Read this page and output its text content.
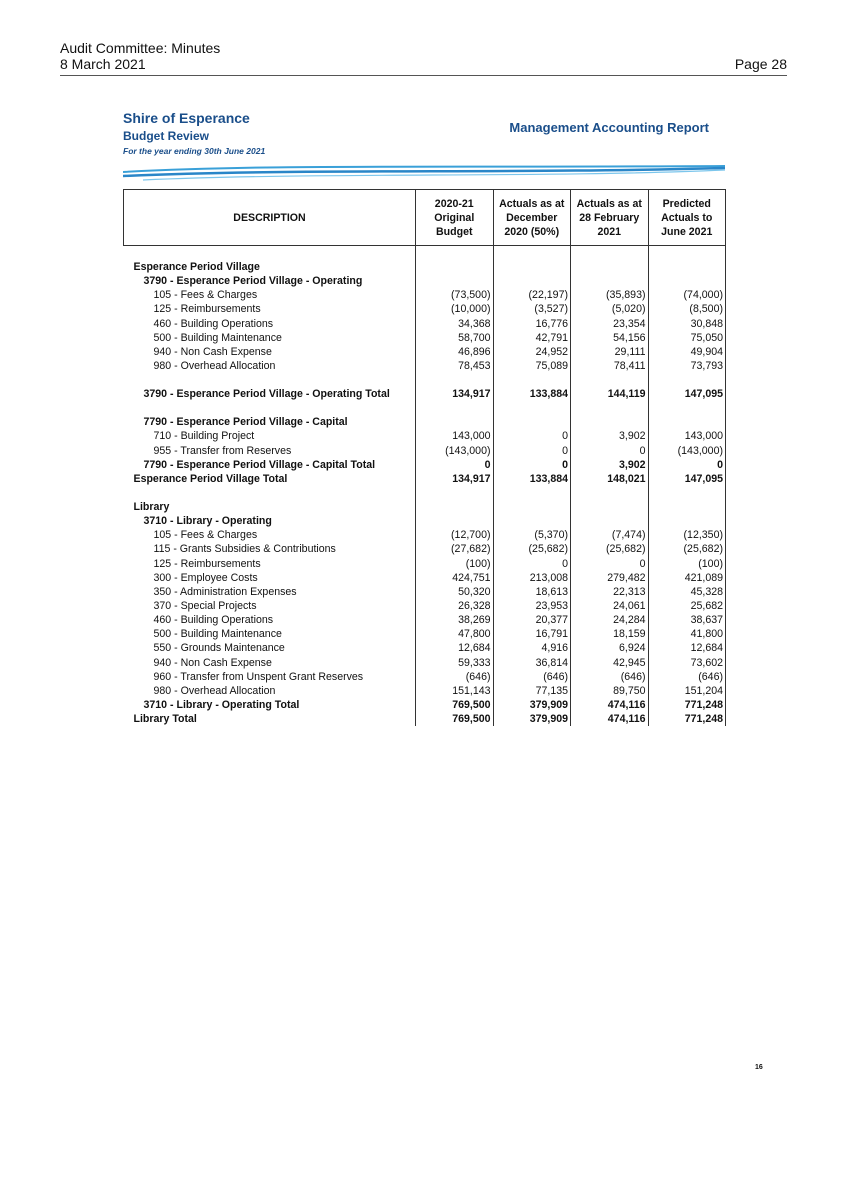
Audit Committee: Minutes
8 March 2021	Page 28
Shire of Esperance
Budget Review
For the year ending 30th June 2021
Management Accounting Report
DESCRIPTION	2020-21 Original Budget	Actuals as at December 2020 (50%)	Actuals as at 28 February 2021	Predicted Actuals to June 2021

Esperance Period Village				
3790 - Esperance Period Village - Operating				
105 - Fees & Charges	(73,500)	(22,197)	(35,893)	(74,000)
125 - Reimbursements	(10,000)	(3,527)	(5,020)	(8,500)
460 - Building Operations	34,368	16,776	23,354	30,848
500 - Building Maintenance	58,700	42,791	54,156	75,050
940 - Non Cash Expense	46,896	24,952	29,111	49,904
980 - Overhead Allocation	78,453	75,089	78,411	73,793

3790 - Esperance Period Village - Operating Total	134,917	133,884	144,119	147,095

7790 - Esperance Period Village - Capital				
710 - Building Project	143,000	0	3,902	143,000
955 - Transfer from Reserves	(143,000)	0	0	(143,000)
7790 - Esperance Period Village - Capital Total	0	0	3,902	0
Esperance Period Village Total	134,917	133,884	148,021	147,095

Library				
3710 - Library - Operating				
105 - Fees & Charges	(12,700)	(5,370)	(7,474)	(12,350)
115 - Grants Subsidies & Contributions	(27,682)	(25,682)	(25,682)	(25,682)
125 - Reimbursements	(100)	0	0	(100)
300 - Employee Costs	424,751	213,008	279,482	421,089
350 - Administration Expenses	50,320	18,613	22,313	45,328
370 - Special Projects	26,328	23,953	24,061	25,682
460 - Building Operations	38,269	20,377	24,284	38,637
500 - Building Maintenance	47,800	16,791	18,159	41,800
550 - Grounds Maintenance	12,684	4,916	6,924	12,684
940 - Non Cash Expense	59,333	36,814	42,945	73,602
960 - Transfer from Unspent Grant Reserves	(646)	(646)	(646)	(646)
980 - Overhead Allocation	151,143	77,135	89,750	151,204
3710 - Library - Operating Total	769,500	379,909	474,116	771,248
Library Total	769,500	379,909	474,116	771,248
16
